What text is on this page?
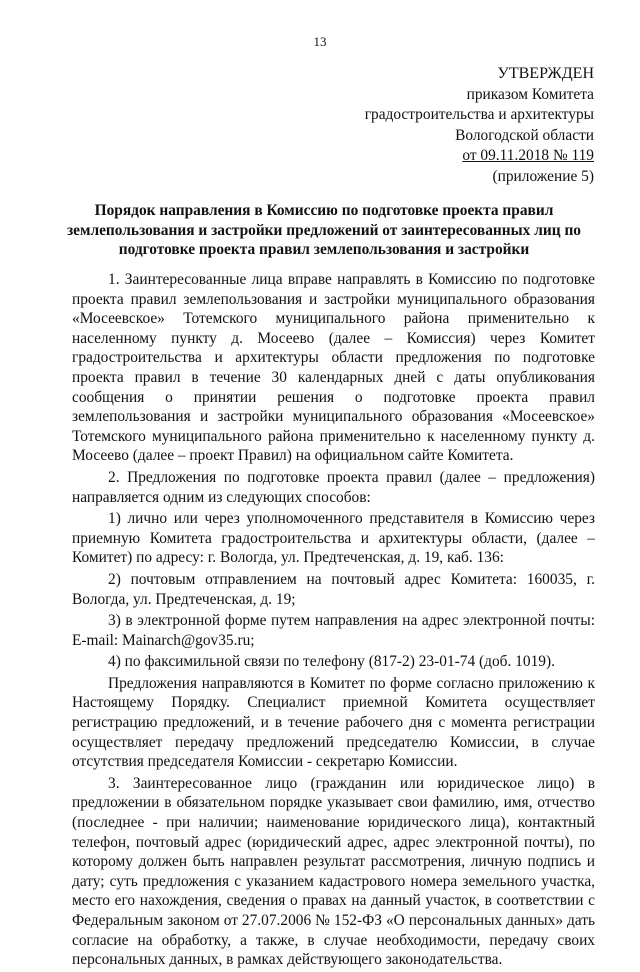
13
УТВЕРЖДЕН
приказом Комитета
градостроительства и архитектуры
Вологодской области
от 09.11.2018 № 119
(приложение 5)
Порядок направления в Комиссию по подготовке проекта правил землепользования и застройки предложений от заинтересованных лиц по подготовке проекта правил землепользования и застройки

1. Заинтересованные лица вправе направлять в Комиссию по подготовке проекта правил землепользования и застройки муниципального образования «Мосеевское» Тотемского муниципального района применительно к населенному пункту д. Мосеево (далее – Комиссия) через Комитет градостроительства и архитектуры области предложения по подготовке проекта правил в течение 30 календарных дней с даты опубликования сообщения о принятии решения о подготовке проекта правил землепользования и застройки муниципального образования «Мосеевское» Тотемского муниципального района применительно к населенному пункту д. Мосеево (далее – проект Правил) на официальном сайте Комитета.

2. Предложения по подготовке проекта правил (далее – предложения) направляется одним из следующих способов:

1) лично или через уполномоченного представителя в Комиссию через приемную Комитета градостроительства и архитектуры области, (далее – Комитет) по адресу: г. Вологда, ул. Предтеченская, д. 19, каб. 136:

2) почтовым отправлением на почтовый адрес Комитета: 160035, г. Вологда, ул. Предтеченская, д. 19;

3) в электронной форме путем направления на адрес электронной почты: E-mail: Mainarch@gov35.ru;

4) по факсимильной связи по телефону (817-2) 23-01-74 (доб. 1019).

Предложения направляются в Комитет по форме согласно приложению к Настоящему Порядку. Специалист приемной Комитета осуществляет регистрацию предложений, и в течение рабочего дня с момента регистрации осуществляет передачу предложений председателю Комиссии, в случае отсутствия председателя Комиссии - секретарю Комиссии.

3. Заинтересованное лицо (гражданин или юридическое лицо) в предложении в обязательном порядке указывает свои фамилию, имя, отчество (последнее - при наличии; наименование юридического лица), контактный телефон, почтовый адрес (юридический адрес, адрес электронной почты), по которому должен быть направлен результат рассмотрения, личную подпись и дату; суть предложения с указанием кадастрового номера земельного участка, место его нахождения, сведения о правах на данный участок, в соответствии с Федеральным законом от 27.07.2006 № 152-ФЗ «О персональных данных» дать согласие на обработку, а также, в случае необходимости, передачу своих персональных данных, в рамках действующего законодательства.
